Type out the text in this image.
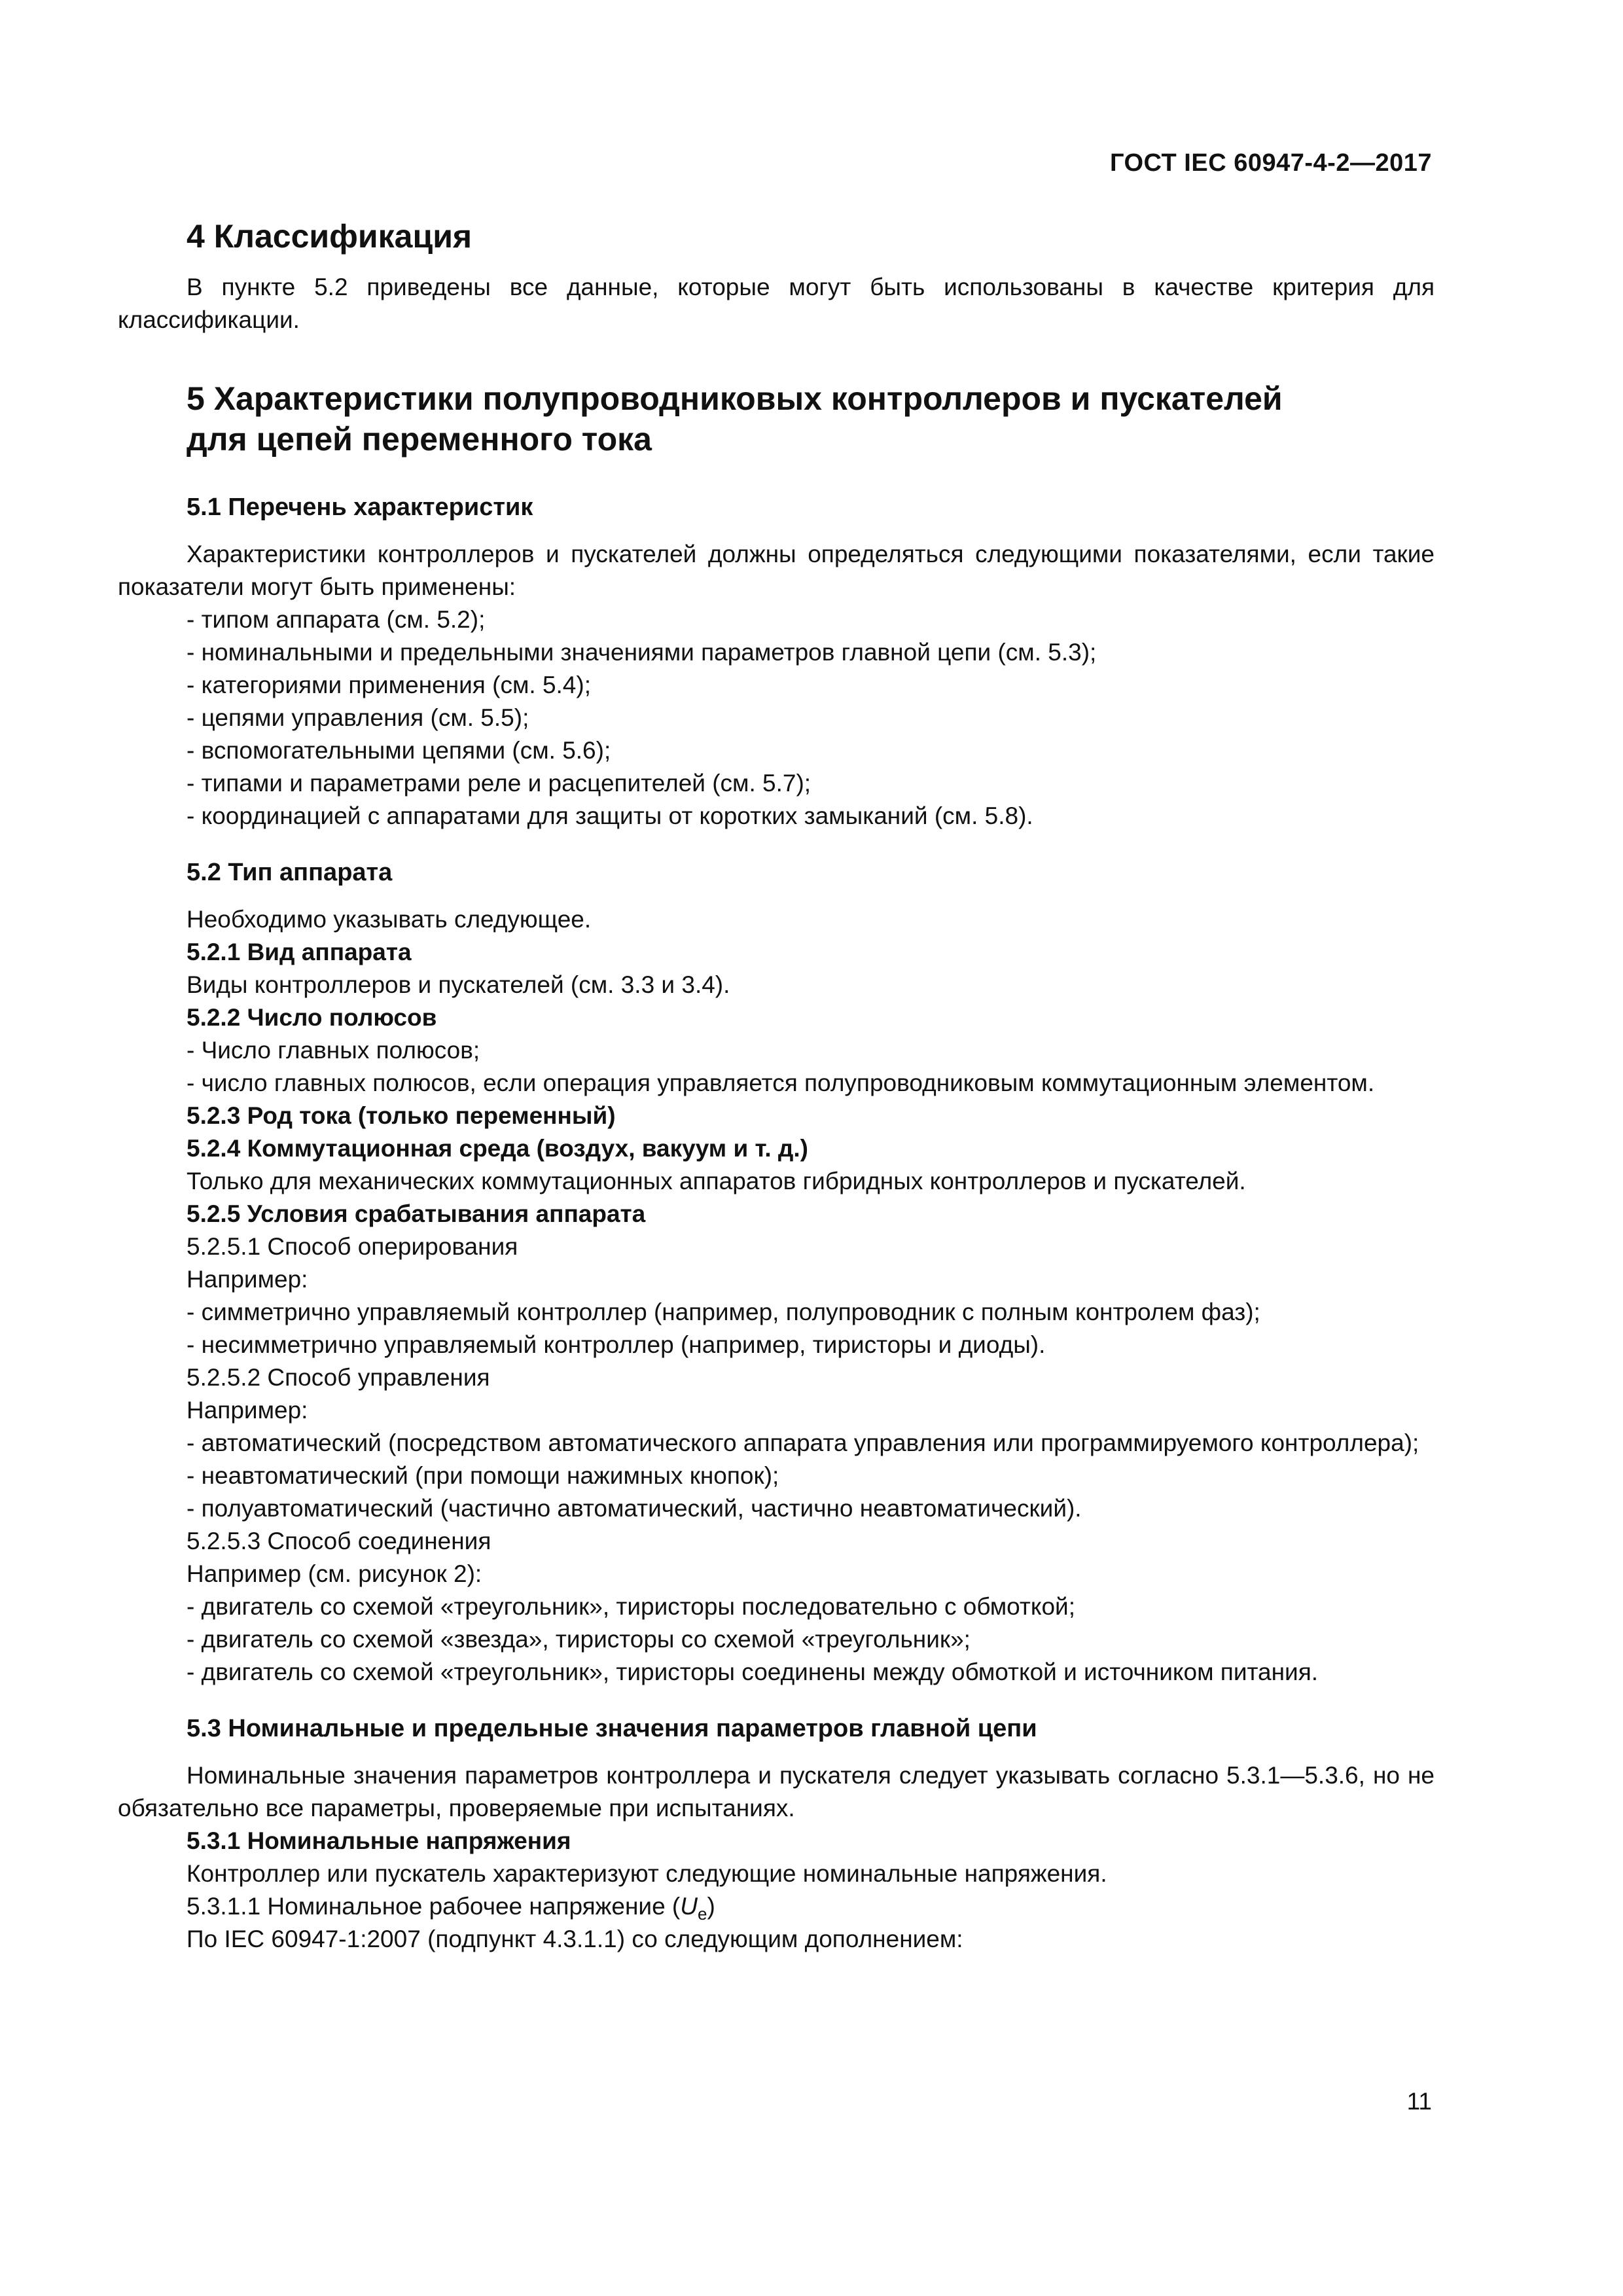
ГОСТ IEC 60947-4-2—2017
4 Классификация
В пункте 5.2 приведены все данные, которые могут быть использованы в качестве критерия для классификации.
5 Характеристики полупроводниковых контроллеров и пускателей
для цепей переменного тока
5.1 Перечень характеристик
Характеристики контроллеров и пускателей должны определяться следующими показателями, если такие показатели могут быть применены:
- типом аппарата (см. 5.2);
- номинальными и предельными значениями параметров главной цепи (см. 5.3);
- категориями применения (см. 5.4);
- цепями управления (см. 5.5);
- вспомогательными цепями (см. 5.6);
- типами и параметрами реле и расцепителей (см. 5.7);
- координацией с аппаратами для защиты от коротких замыканий (см. 5.8).
5.2 Тип аппарата
Необходимо указывать следующее.
5.2.1 Вид аппарата
Виды контроллеров и пускателей (см. 3.3 и 3.4).
5.2.2 Число полюсов
- Число главных полюсов;
- число главных полюсов, если операция управляется полупроводниковым коммутационным элементом.
5.2.3 Род тока (только переменный)
5.2.4 Коммутационная среда (воздух, вакуум и т. д.)
Только для механических коммутационных аппаратов гибридных контроллеров и пускателей.
5.2.5 Условия срабатывания аппарата
5.2.5.1 Способ оперирования
Например:
- симметрично управляемый контроллер (например, полупроводник с полным контролем фаз);
- несимметрично управляемый контроллер (например, тиристоры и диоды).
5.2.5.2 Способ управления
Например:
- автоматический (посредством автоматического аппарата управления или программируемого контроллера);
- неавтоматический (при помощи нажимных кнопок);
- полуавтоматический (частично автоматический, частично неавтоматический).
5.2.5.3 Способ соединения
Например (см. рисунок 2):
- двигатель со схемой «треугольник», тиристоры последовательно с обмоткой;
- двигатель со схемой «звезда», тиристоры со схемой «треугольник»;
- двигатель со схемой «треугольник», тиристоры соединены между обмоткой и источником питания.
5.3 Номинальные и предельные значения параметров главной цепи
Номинальные значения параметров контроллера и пускателя следует указывать согласно 5.3.1—5.3.6, но не обязательно все параметры, проверяемые при испытаниях.
5.3.1 Номинальные напряжения
Контроллер или пускатель характеризуют следующие номинальные напряжения.
5.3.1.1 Номинальное рабочее напряжение $(U_e)$
По IEC 60947-1:2007 (подпункт 4.3.1.1) со следующим дополнением:
11
